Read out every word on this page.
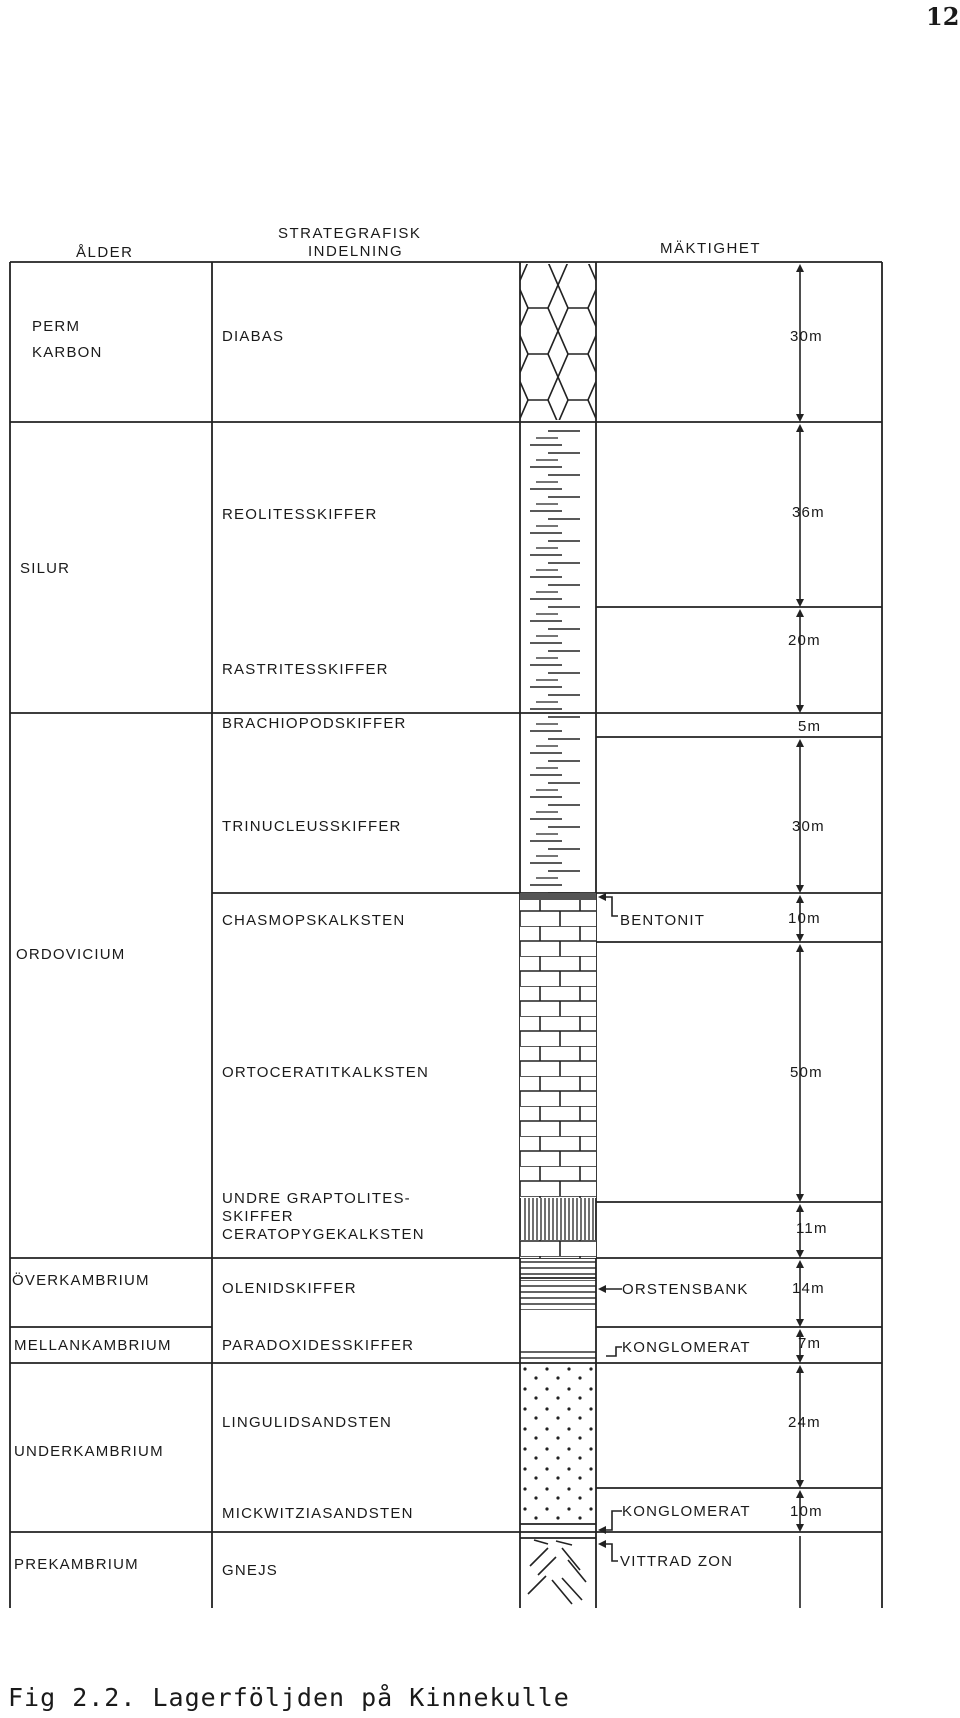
12
ÅLDER
STRATEGRAFISK
INDELNING	MÄKTIGHET
PERM
KARBON
SILUR
ORDOVICIUM
ÖVERKAMBRIUM
MELLANKAMBRIUM
UNDERKAMBRIUM
PREKAMBRIUM
DIABAS
REOLITESSKIFFER
RASTRITESSKIFFER
BRACHIOPODSKIFFER
TRINUCLEUSSKIFFER
CHASMOPSKALKSTEN
ORTOCERATITKALKSTEN
UNDRE GRAPTOLITES-
SKIFFER
CERATOPYGEKALKSTEN
OLENIDSKIFFER
PARADOXIDESSKIFFER
LINGULIDSANDSTEN
MICKWITZIASANDSTEN
GNEJS
BENTONIT
ORSTENSBANK
KONGLOMERAT
KONGLOMERAT
VITTRAD ZON
30m
36m
20m
5m
30m
10m
50m
11m
14m
7m
24m
10m
Fig 2.2. Lagerföljden på Kinnekulle
